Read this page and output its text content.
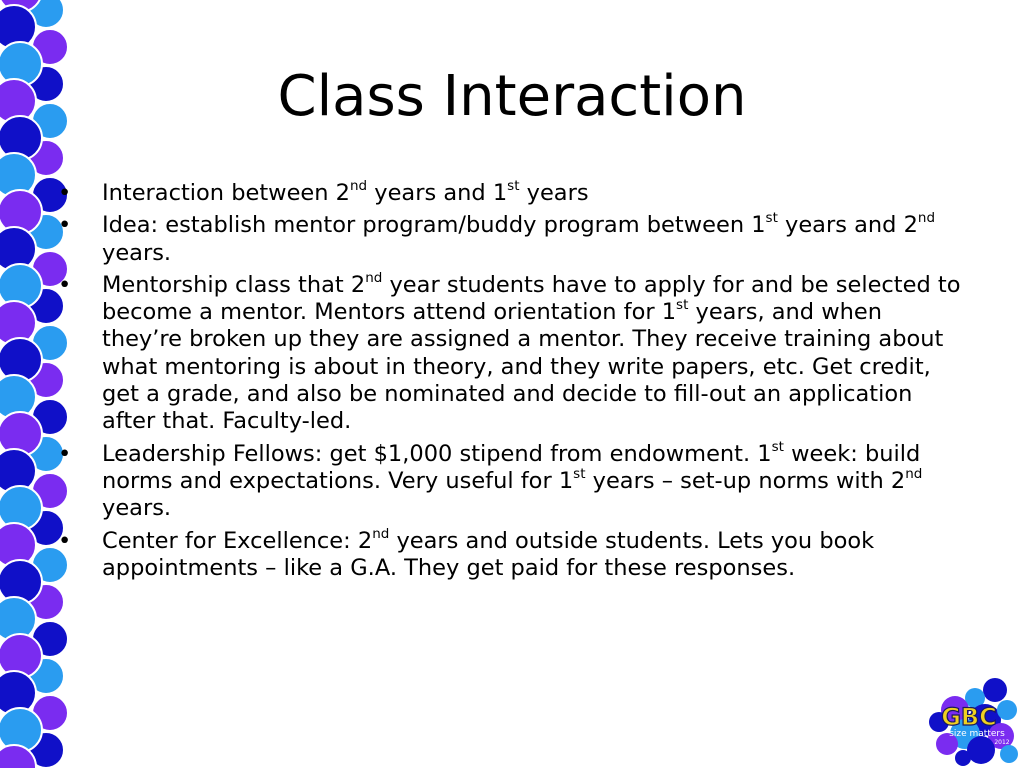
Class Interaction
• Interaction between 2nd years and 1st years
• Idea: establish mentor program/buddy program between 1st years and 2nd years.
• Mentorship class that 2nd year students have to apply for and be selected to become a mentor. Mentors attend orientation for 1st years, and when they’re broken up they are assigned a mentor. They receive training about what mentoring is about in theory, and they write papers, etc. Get credit, get a grade, and also be nominated and decide to fill-out an application after that. Faculty-led.
• Leadership Fellows: get $1,000 stipend from endowment. 1st week: build norms and expectations. Very useful for 1st years – set-up norms with 2nd years.
• Center for Excellence: 2nd years and outside students. Lets you book appointments – like a G.A. They get paid for these responses.
GBC
size matters
2012
